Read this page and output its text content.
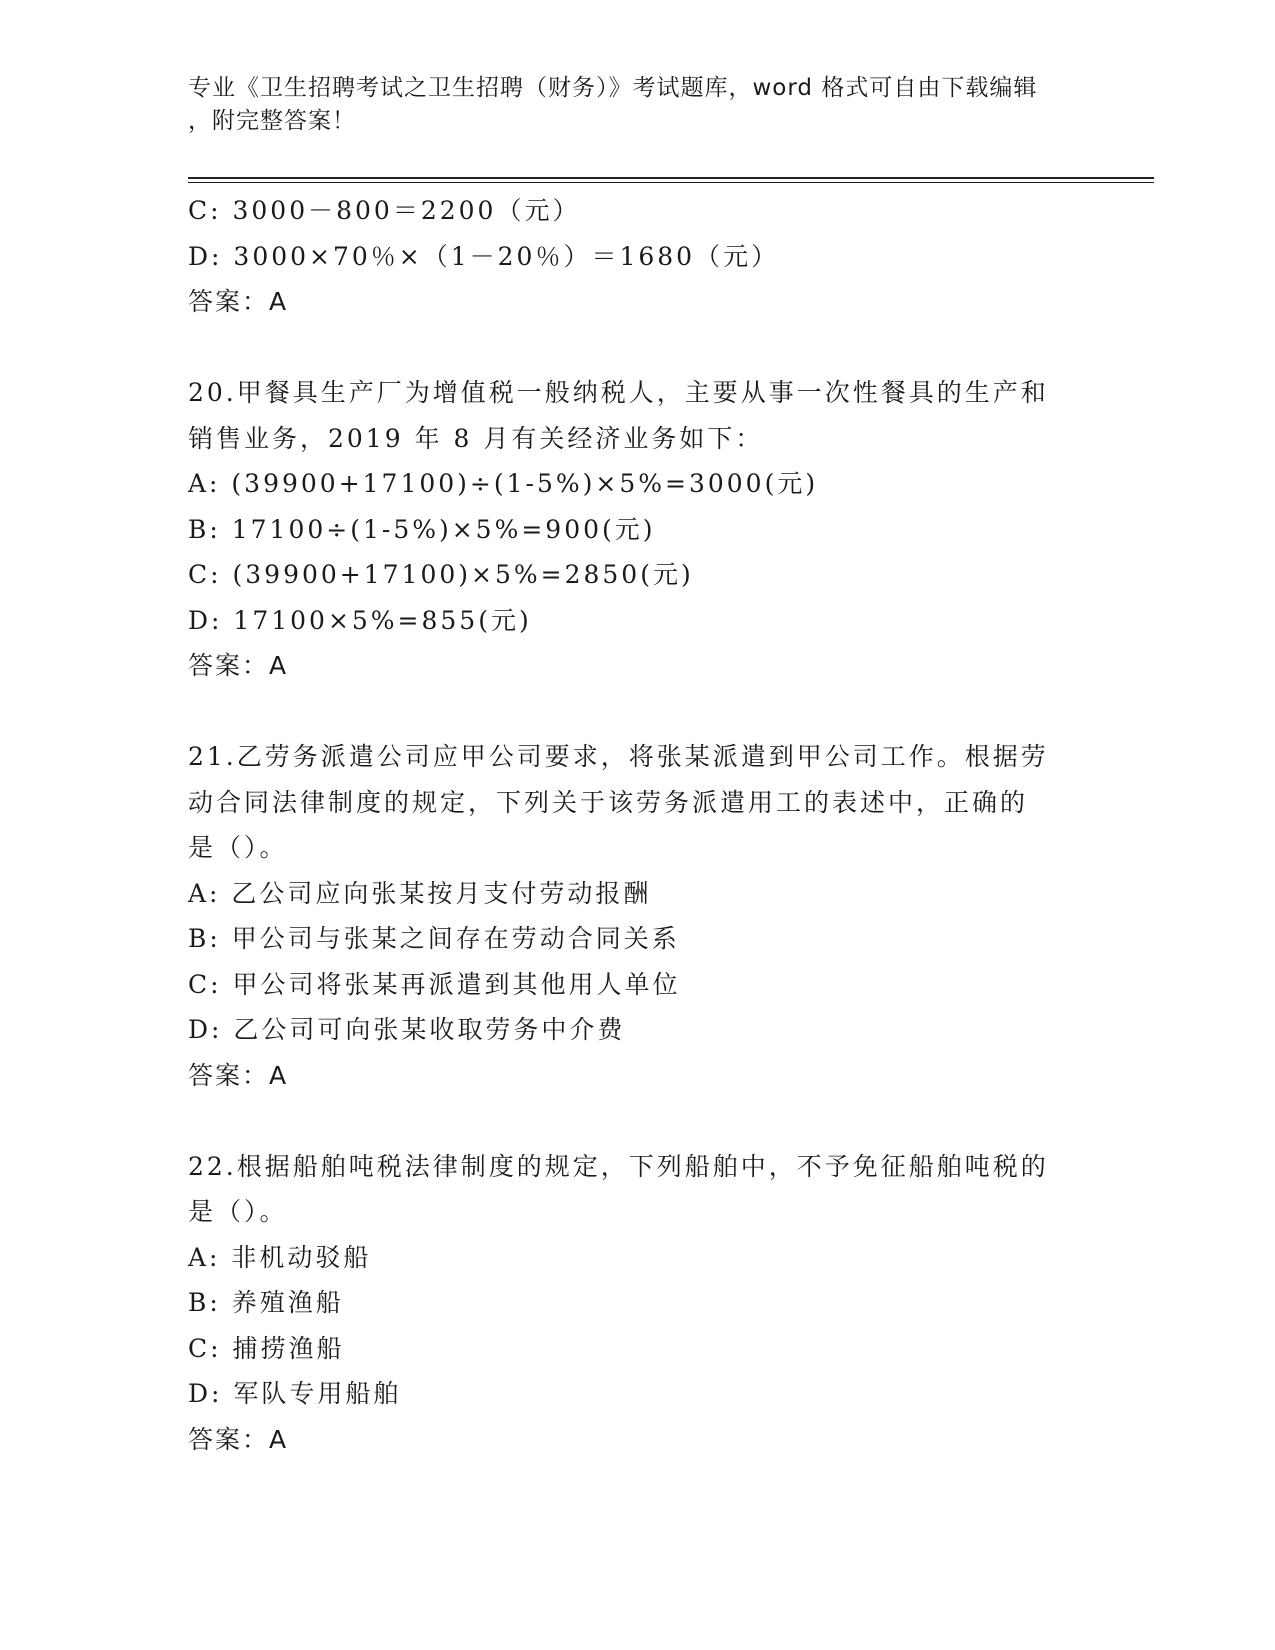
专业《卫生招聘考试之卫生招聘（财务）》考试题库，word 格式可自由下载编辑
，附完整答案！
C: 3000－800＝2200（元）
D: 3000×70％×（1－20％）＝1680（元）
答案：A
20.甲餐具生产厂为增值税一般纳税人，主要从事一次性餐具的生产和
销售业务，2019 年 8 月有关经济业务如下：
A: (39900+17100)÷(1-5%)×5%=3000(元)
B: 17100÷(1-5%)×5%=900(元)
C: (39900+17100)×5%=2850(元)
D: 17100×5%=855(元)
答案：A
21.乙劳务派遣公司应甲公司要求，将张某派遣到甲公司工作。根据劳
动合同法律制度的规定，下列关于该劳务派遣用工的表述中，正确的
是（）。
A: 乙公司应向张某按月支付劳动报酬
B: 甲公司与张某之间存在劳动合同关系
C: 甲公司将张某再派遣到其他用人单位
D: 乙公司可向张某收取劳务中介费
答案：A
22.根据船舶吨税法律制度的规定，下列船舶中，不予免征船舶吨税的
是（）。
A: 非机动驳船
B: 养殖渔船
C: 捕捞渔船
D: 军队专用船舶
答案：A
